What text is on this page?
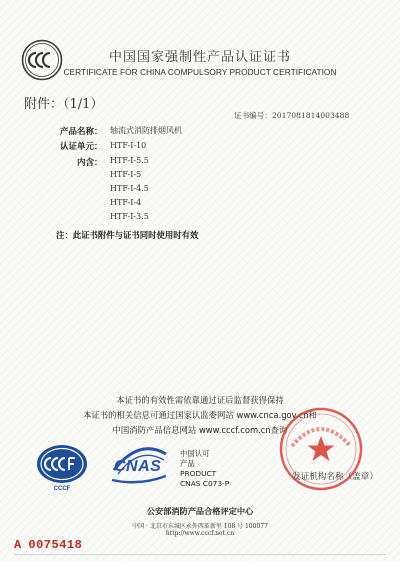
中国国家强制性产品认证证书
CERTIFICATE FOR CHINA COMPULSORY PRODUCT CERTIFICATION
附件：（1/1）
证书编号：2017081814003488
产品名称： 轴流式消防排烟风机
认证单元： HTF-I-10
内含： HTF-I-5.5
HTF-I-5
HTF-I-4.5
HTF-I-4
HTF-I-3.5
注：此证书附件与证书同时使用时有效
本证书的有效性需依靠通过证后监督获得保持
本证书的相关信息可通过国家认监委网站 www.cnca.gov.cn和
中国消防产品信息网站 www.cccf.com.cn查询
CCCF
CNAS
中国认可
产品
PRODUCT
CNAS C073-P
发证机构名称（盖章）
公安部消防产品合格评定中心
中国 · 北京市东城区永外西革新里 108 号 100077
http://www.cccf.net.cn
A 0075418
